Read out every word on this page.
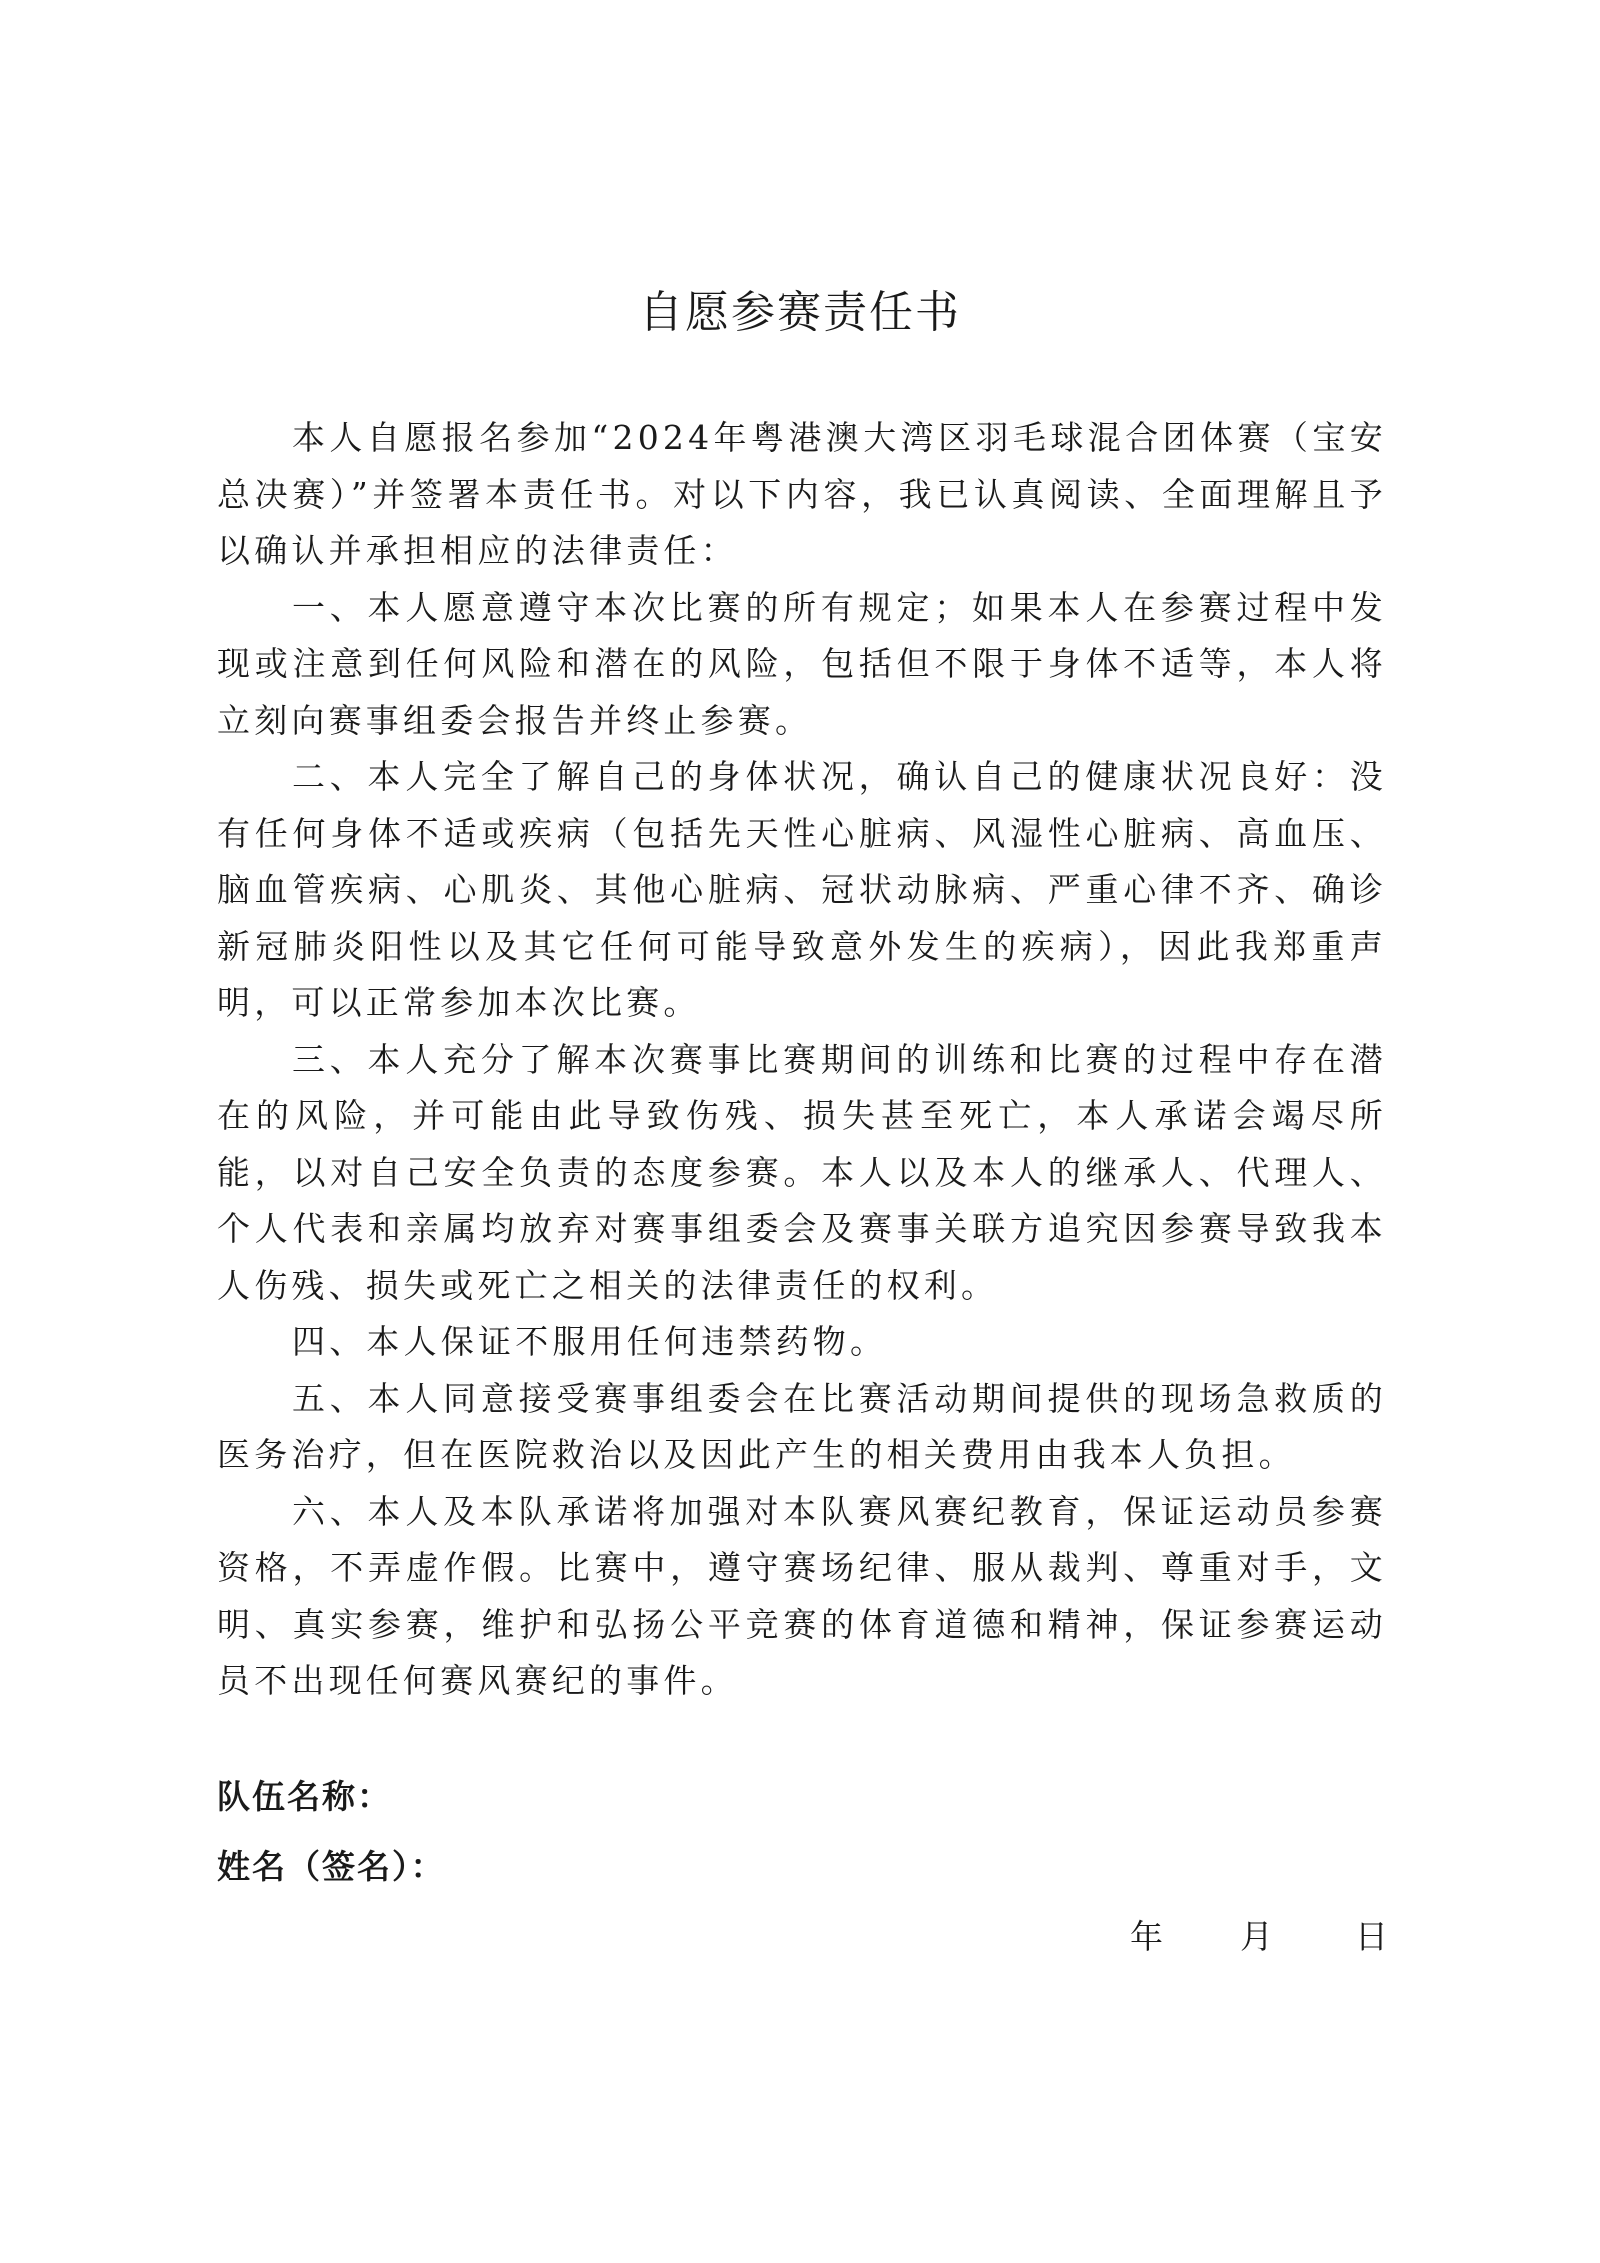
自愿参赛责任书

本人自愿报名参加“2024年粤港澳大湾区羽毛球混合团体赛（宝安总决赛）”并签署本责任书。对以下内容，我已认真阅读、全面理解且予以确认并承担相应的法律责任：

一、本人愿意遵守本次比赛的所有规定；如果本人在参赛过程中发现或注意到任何风险和潜在的风险，包括但不限于身体不适等，本人将立刻向赛事组委会报告并终止参赛。

二、本人完全了解自己的身体状况，确认自己的健康状况良好：没有任何身体不适或疾病（包括先天性心脏病、风湿性心脏病、高血压、脑血管疾病、心肌炎、其他心脏病、冠状动脉病、严重心律不齐、确诊新冠肺炎阳性以及其它任何可能导致意外发生的疾病），因此我郑重声明，可以正常参加本次比赛。

三、本人充分了解本次赛事比赛期间的训练和比赛的过程中存在潜在的风险，并可能由此导致伤残、损失甚至死亡，本人承诺会竭尽所能，以对自己安全负责的态度参赛。本人以及本人的继承人、代理人、个人代表和亲属均放弃对赛事组委会及赛事关联方追究因参赛导致我本人伤残、损失或死亡之相关的法律责任的权利。

四、本人保证不服用任何违禁药物。

五、本人同意接受赛事组委会在比赛活动期间提供的现场急救质的医务治疗，但在医院救治以及因此产生的相关费用由我本人负担。

六、本人及本队承诺将加强对本队赛风赛纪教育，保证运动员参赛资格，不弄虚作假。比赛中，遵守赛场纪律、服从裁判、尊重对手，文明、真实参赛，维护和弘扬公平竞赛的体育道德和精神，保证参赛运动员不出现任何赛风赛纪的事件。

队伍名称：
姓名（签名）：
年 月 日
